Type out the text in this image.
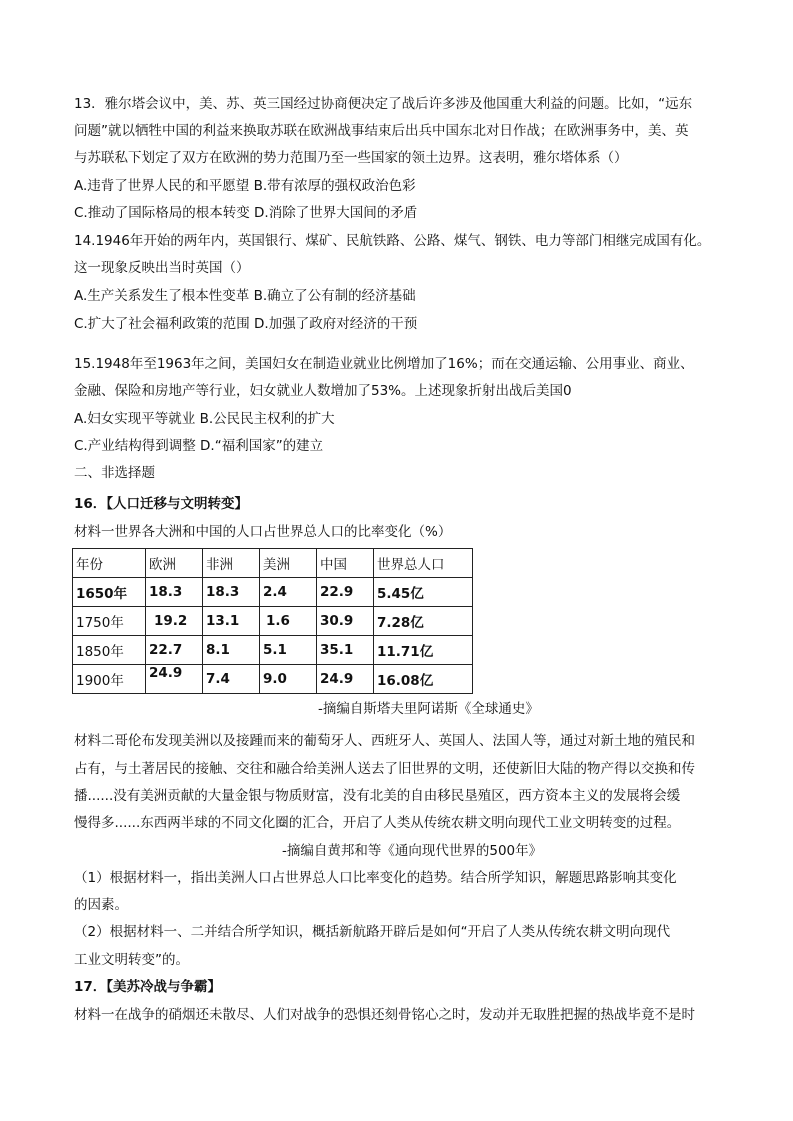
13．雅尔塔会议中，美、苏、英三国经过协商便决定了战后许多涉及他国重大利益的问题。比如，“远东
问题”就以牺牲中国的利益来换取苏联在欧洲战事结束后出兵中国东北对日作战；在欧洲事务中，美、英
与苏联私下划定了双方在欧洲的势力范围乃至一些国家的领土边界。这表明，雅尔塔体系（）
A.违背了世界人民的和平愿望 B.带有浓厚的强权政治色彩
C.推动了国际格局的根本转变 D.消除了世界大国间的矛盾
14.1946年开始的两年内，英国银行、煤矿、民航铁路、公路、煤气、钢铁、电力等部门相继完成国有化。
这一现象反映出当时英国（）
A.生产关系发生了根本性变革 B.确立了公有制的经济基础
C.扩大了社会福利政策的范围 D.加强了政府对经济的干预
15.1948年至1963年之间，美国妇女在制造业就业比例增加了16%；而在交通运输、公用事业、商业、
金融、保险和房地产等行业，妇女就业人数增加了53%。上述现象折射出战后美国0
A.妇女实现平等就业 B.公民民主权利的扩大
C.产业结构得到调整 D.“福利国家”的建立
二、非选择题
16．【人口迁移与文明转变】
材料一世界各大洲和中国的人口占世界总人口的比率变化（%）
年份	欧洲	非洲	美洲	中国	世界总人口
1650年	18.3	18.3	2.4	22.9	5.45亿
1750年	19.2	13.1	1.6	30.9	7.28亿
1850年	22.7	8.1	5.1	35.1	11.71亿
1900年	24.9	7.4	9.0	24.9	16.08亿
-摘编自斯塔夫里阿诺斯《全球通史》
材料二哥伦布发现美洲以及接踵而来的葡萄牙人、西班牙人、英国人、法国人等，通过对新土地的殖民和
占有，与土著居民的接触、交往和融合给美洲人送去了旧世界的文明，还使新旧大陆的物产得以交换和传
播......没有美洲贡献的大量金银与物质财富，没有北美的自由移民垦殖区，西方资本主义的发展将会缓
慢得多......东西两半球的不同文化圈的汇合，开启了人类从传统农耕文明向现代工业文明转变的过程。
-摘编自黄邦和等《通向现代世界的500年》
（1）根据材料一，指出美洲人口占世界总人口比率变化的趋势。结合所学知识，解题思路影响其变化
的因素。
（2）根据材料一、二并结合所学知识，概括新航路开辟后是如何“开启了人类从传统农耕文明向现代
工业文明转变”的。
17．【美苏冷战与争霸】
材料一在战争的硝烟还未散尽、人们对战争的恐惧还刻骨铭心之时，发动并无取胜把握的热战毕竟不是时
